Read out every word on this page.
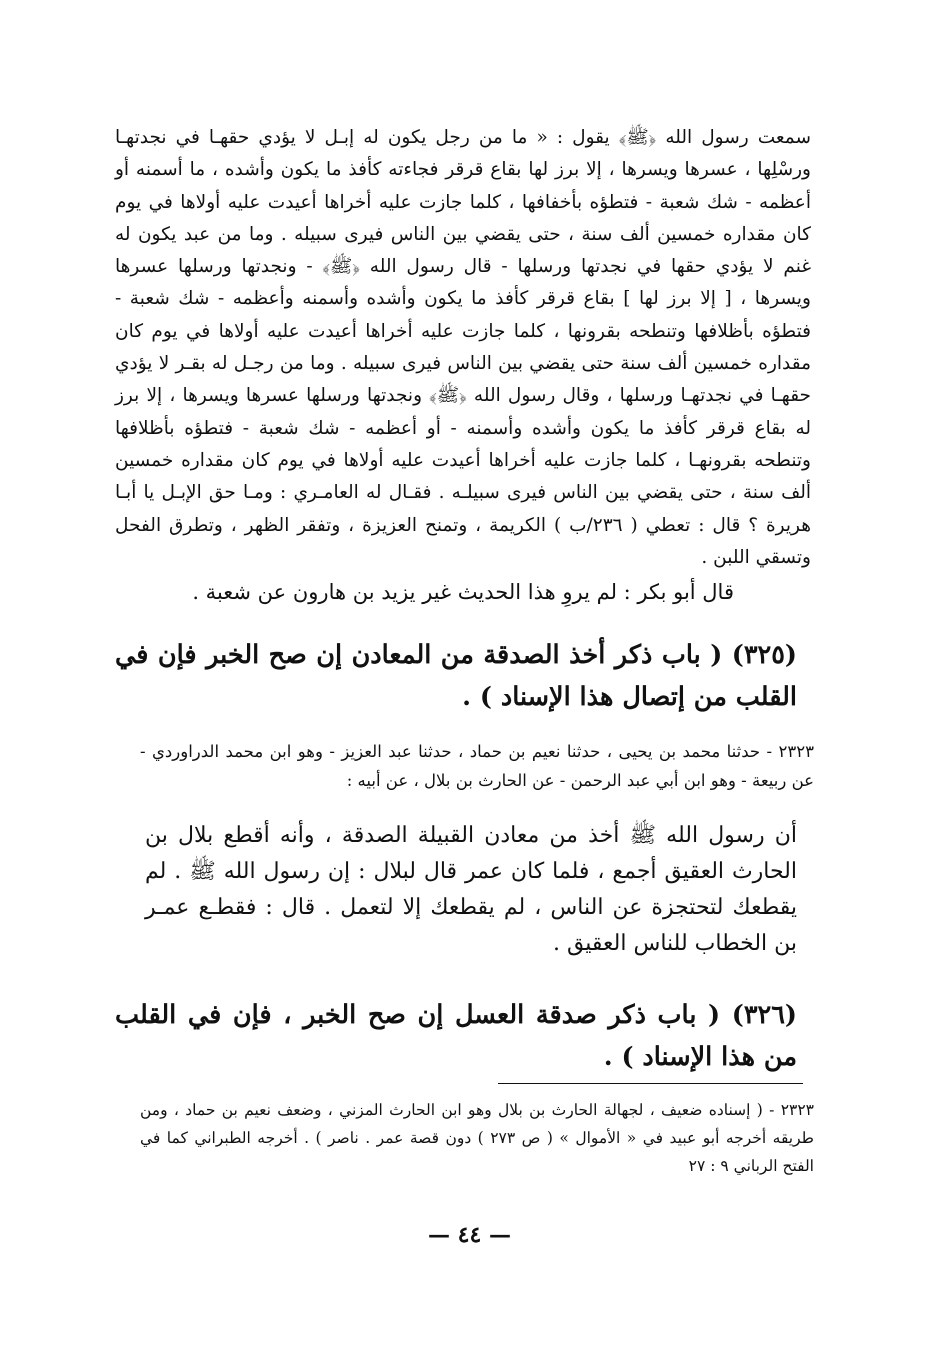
سمعت رسول الله ﴿ﷺ﴾ يقول : « ما من رجل يكون له إبـل لا يؤدي حقهـا في نجدتهـا ورسْلِها ، عسرها ويسرها ، إلا برز لها بقاع قرقر فجاءته كأفذ ما يكون وأشده ، ما أسمنه أو أعظمه - شك شعبة - فتطؤه بأخفافها ، كلما جازت عليه أخراها أعيدت عليه أولاها في يوم كان مقداره خمسين ألف سنة ، حتى يقضي بين الناس فيرى سبيله . وما من عبد يكون له غنم لا يؤدي حقها في نجدتها ورسلها - قال رسول الله ﴿ﷺ﴾ - ونجدتها ورسلها عسرها ويسرها ، [ إلا برز لها ] بقاع قرقر كأفذ ما يكون وأشده وأسمنه وأعظمه - شك شعبة - فتطؤه بأظلافها وتنطحه بقرونها ، كلما جازت عليه أخراها أعيدت عليه أولاها في يوم كان مقداره خمسين ألف سنة حتى يقضي بين الناس فيرى سبيله . وما من رجـل له بقـر لا يؤدي حقهـا في نجدتهـا ورسلها ، وقال رسول الله ﴿ﷺ﴾ ونجدتها ورسلها عسرها ويسرها ، إلا برز له بقاع قرقر كأفذ ما يكون وأشده وأسمنه - أو أعظمه - شك شعبة - فتطؤه بأظلافها وتنطحه بقرونهـا ، كلما جازت عليه أخراها أعيدت عليه أولاها في يوم كان مقداره خمسين ألف سنة ، حتى يقضي بين الناس فيرى سبيلـه . فقـال له العامـري : ومـا حق الإبـل يا أبـا هريرة ؟ قال : تعطي ( ٢٣٦/ب ) الكريمة ، وتمنح العزيزة ، وتفقر الظهر ، وتطرق الفحل وتسقي اللبن .

قال أبو بكر : لم يروِ هذا الحديث غير يزيد بن هارون عن شعبة .

(٣٢٥) ( باب ذكر أخذ الصدقة من المعادن إن صح الخبر فإن في القلب من إتصال هذا الإسناد ) .

٢٣٢٣ - حدثنا محمد بن يحيى ، حدثنا نعيم بن حماد ، حدثنا عبد العزيز - وهو ابن محمد الدراوردي - عن ربيعة - وهو ابن أبي عبد الرحمن - عن الحارث بن بلال ، عن أبيه :

أن رسول الله ﷺ أخذ من معادن القبيلة الصدقة ، وأنه أقطع بلال بن الحارث العقيق أجمع ، فلما كان عمر قال لبلال : إن رسول الله ﷺ . لم يقطعك لتحتجزة عن الناس ، لم يقطعك إلا لتعمل . قال : فقطـع عمـر بن الخطاب للناس العقيق .

(٣٢٦) ( باب ذكر صدقة العسل إن صح الخبر ، فإن في القلب من هذا الإسناد ) .

٢٣٢٣ - ( إسناده ضعيف ، لجهالة الحارث بن بلال وهو ابن الحارث المزني ، وضعف نعيم بن حماد ، ومن طريقه أخرجه أبو عبيد في « الأموال » ( ص ٢٧٣ ) دون قصة عمر . ناصر ) . أخرجه الطبراني كما في الفتح الرباني ٩ : ٢٧

— ٤٤ —
